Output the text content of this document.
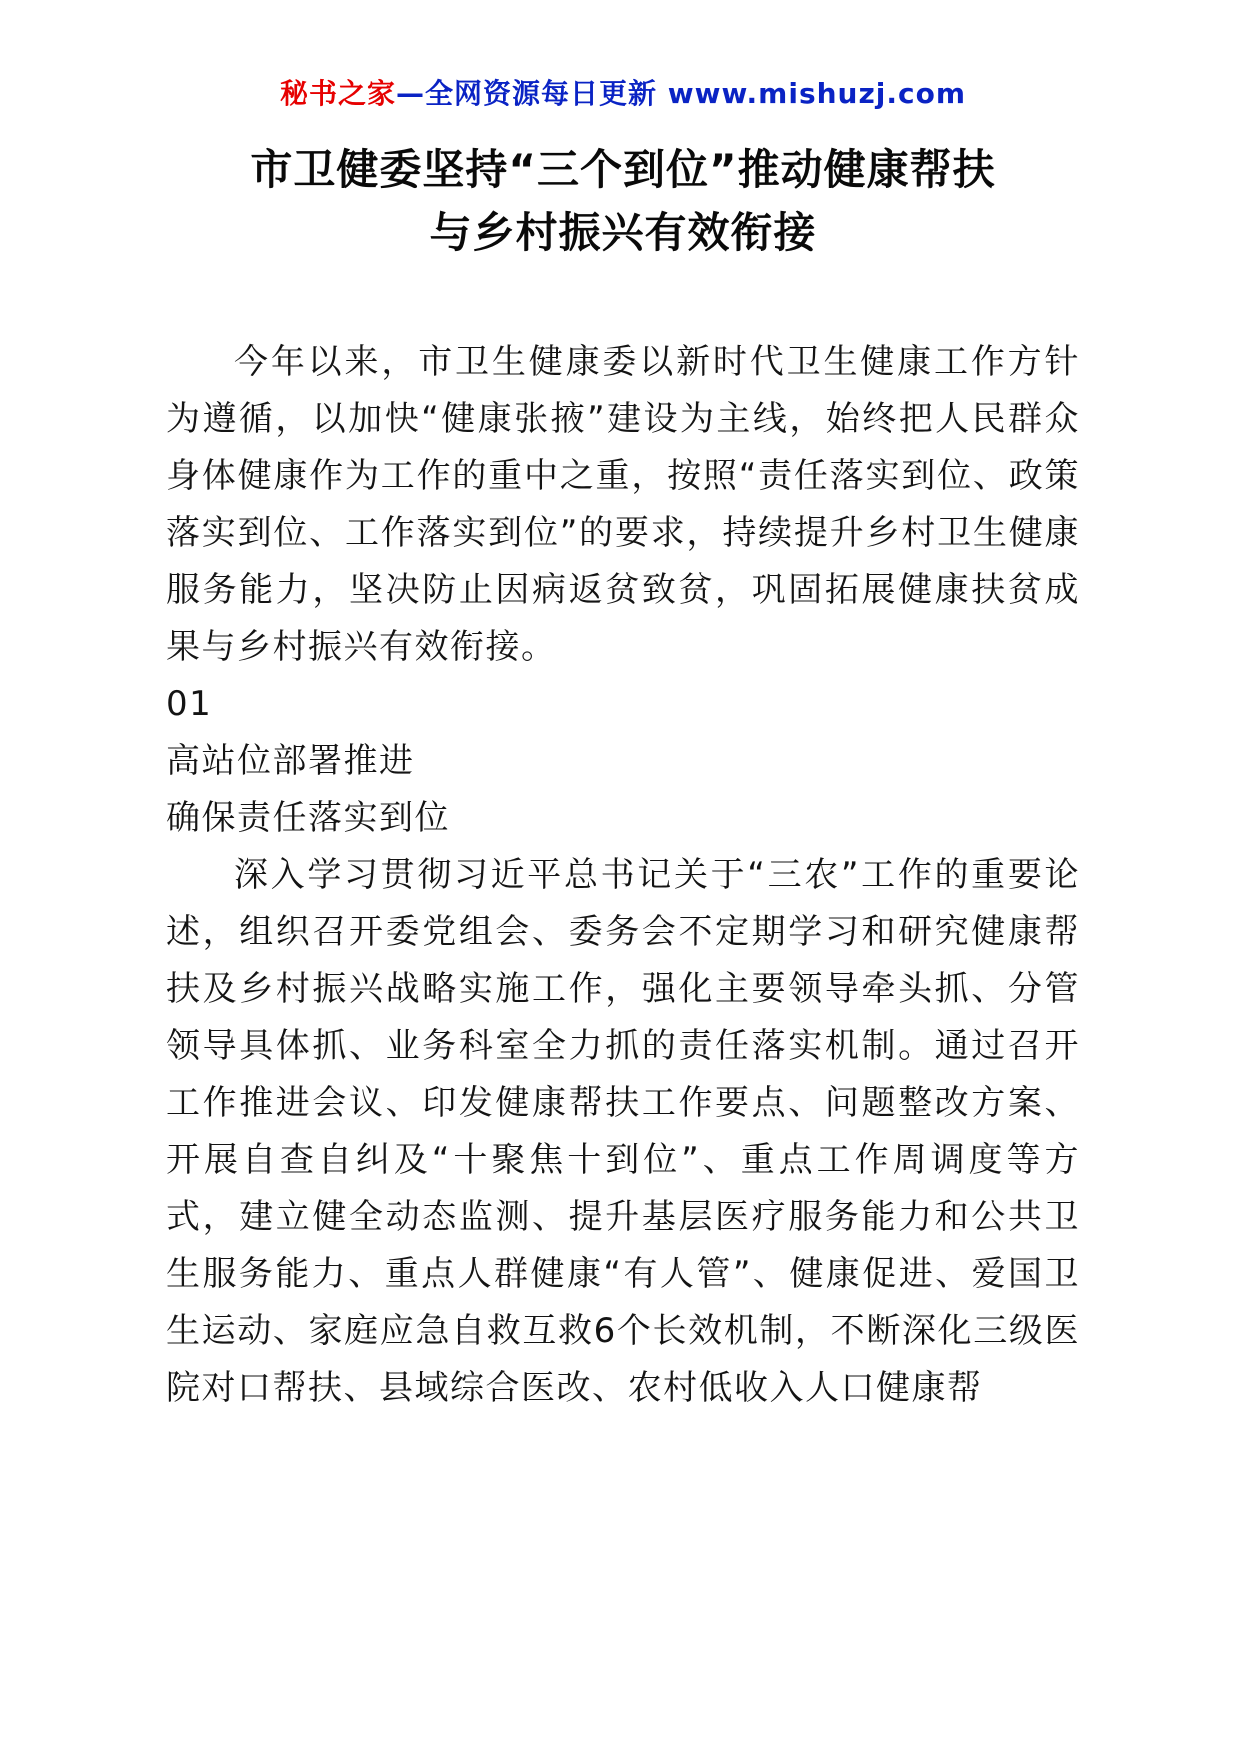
秘书之家—全网资源每日更新 www.mishuzj.com
市卫健委坚持“三个到位”推动健康帮扶
与乡村振兴有效衔接

今年以来，市卫生健康委以新时代卫生健康工作方针为遵循，以加快“健康张掖”建设为主线，始终把人民群众身体健康作为工作的重中之重，按照“责任落实到位、政策落实到位、工作落实到位”的要求，持续提升乡村卫生健康服务能力，坚决防止因病返贫致贫，巩固拓展健康扶贫成果与乡村振兴有效衔接。

01

高站位部署推进

确保责任落实到位

深入学习贯彻习近平总书记关于“三农”工作的重要论述，组织召开委党组会、委务会不定期学习和研究健康帮扶及乡村振兴战略实施工作，强化主要领导牵头抓、分管领导具体抓、业务科室全力抓的责任落实机制。通过召开工作推进会议、印发健康帮扶工作要点、问题整改方案、开展自查自纠及“十聚焦十到位”、重点工作周调度等方式，建立健全动态监测、提升基层医疗服务能力和公共卫生服务能力、重点人群健康“有人管”、健康促进、爱国卫生运动、家庭应急自救互救6个长效机制，不断深化三级医院对口帮扶、县域综合医改、农村低收入人口健康帮
